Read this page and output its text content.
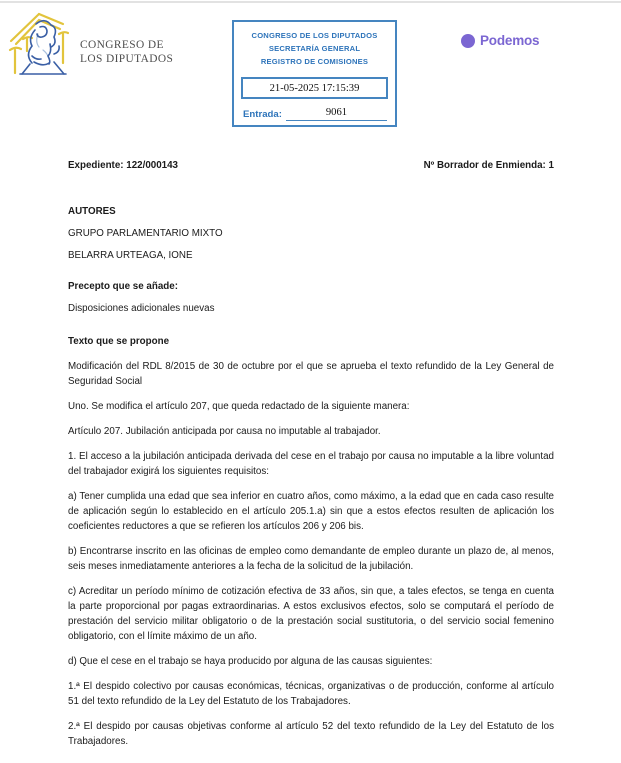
CONGRESO DE
LOS DIPUTADOS
CONGRESO DE LOS DIPUTADOS
SECRETARÍA GENERAL
REGISTRO DE COMISIONES
21-05-2025 17:15:39
Entrada:	9061
Podemos
Expediente: 122/000143	Nº Borrador de Enmienda: 1

AUTORES

GRUPO PARLAMENTARIO MIXTO

BELARRA URTEAGA, IONE

Precepto que se añade:

Disposiciones adicionales nuevas

Texto que se propone

Modificación del RDL 8/2015 de 30 de octubre por el que se aprueba el texto refundido de la Ley General de Seguridad Social

Uno. Se modifica el artículo 207, que queda redactado de la siguiente manera:

Artículo 207. Jubilación anticipada por causa no imputable al trabajador.

1. El acceso a la jubilación anticipada derivada del cese en el trabajo por causa no imputable a la libre voluntad del trabajador exigirá los siguientes requisitos:

a) Tener cumplida una edad que sea inferior en cuatro años, como máximo, a la edad que en cada caso resulte de aplicación según lo establecido en el artículo 205.1.a) sin que a estos efectos resulten de aplicación los coeficientes reductores a que se refieren los artículos 206 y 206 bis.

b) Encontrarse inscrito en las oficinas de empleo como demandante de empleo durante un plazo de, al menos, seis meses inmediatamente anteriores a la fecha de la solicitud de la jubilación.

c) Acreditar un período mínimo de cotización efectiva de 33 años, sin que, a tales efectos, se tenga en cuenta la parte proporcional por pagas extraordinarias. A estos exclusivos efectos, solo se computará el período de prestación del servicio militar obligatorio o de la prestación social sustitutoria, o del servicio social femenino obligatorio, con el límite máximo de un año.

d) Que el cese en el trabajo se haya producido por alguna de las causas siguientes:

1.ª El despido colectivo por causas económicas, técnicas, organizativas o de producción, conforme al artículo 51 del texto refundido de la Ley del Estatuto de los Trabajadores.

2.ª El despido por causas objetivas conforme al artículo 52 del texto refundido de la Ley del Estatuto de los Trabajadores.
